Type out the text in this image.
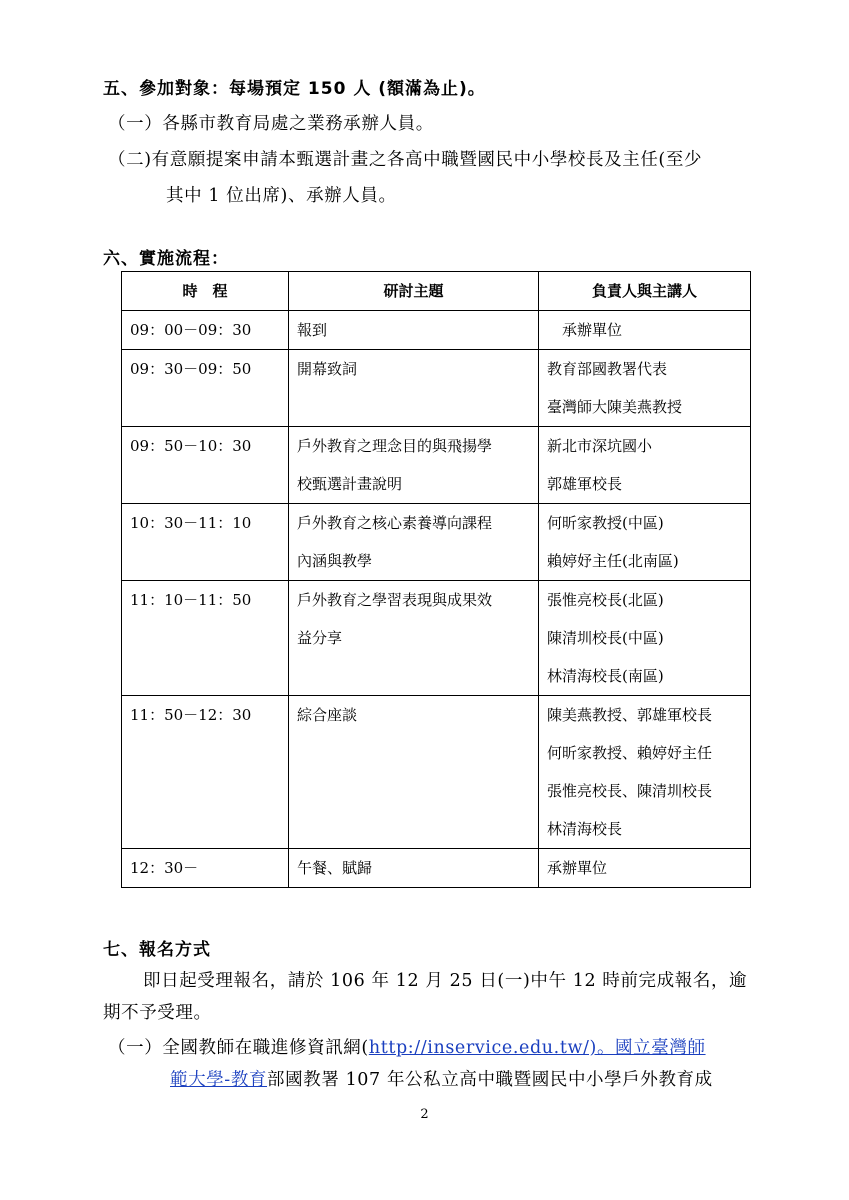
五、參加對象：每場預定 150 人 (額滿為止)。
（一）各縣市教育局處之業務承辦人員。
（二)有意願提案申請本甄選計畫之各高中職暨國民中小學校長及主任(至少
其中 1 位出席)、承辦人員。
六、實施流程：
時　程	研討主題	負責人與主講人
09：00－09：30	報到	　承辦單位

09：30－09：50	開幕致詞	教育部國教署代表
臺灣師大陳美燕教授

09：50－10：30	戶外教育之理念目的與飛揚學
校甄選計畫說明	新北市深坑國小
郭雄軍校長

10：30－11：10	戶外教育之核心素養導向課程
內涵與教學	何昕家教授(中區)
賴婷妤主任(北南區)

11：10－11：50	戶外教育之學習表現與成果效
益分享	張惟亮校長(北區)
陳清圳校長(中區)
林清海校長(南區)

11：50－12：30	綜合座談	陳美燕教授、郭雄軍校長
何昕家教授、賴婷妤主任
張惟亮校長、陳清圳校長
林清海校長

12：30－	午餐、賦歸	承辦單位
七、報名方式
即日起受理報名，請於 106 年 12 月 25 日(一)中午 12 時前完成報名，逾
期不予受理。
（一）全國教師在職進修資訊網(http://inservice.edu.tw/)。國立臺灣師
範大學-教育部國教署 107 年公私立高中職暨國民中小學戶外教育成
2
